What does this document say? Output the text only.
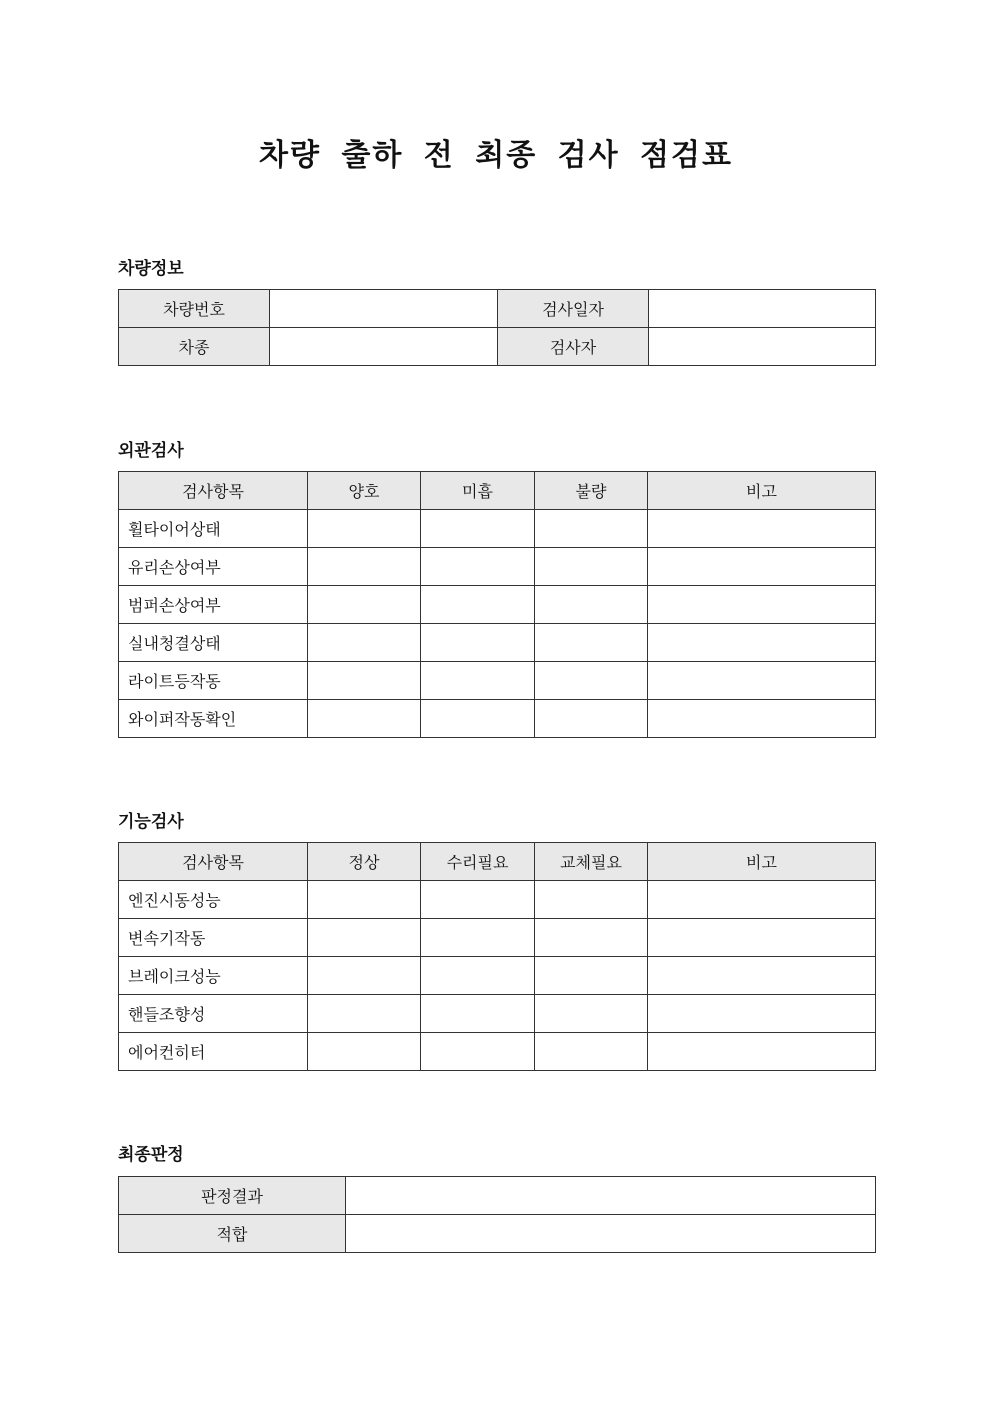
차량 출하 전 최종 검사 점검표
차량정보
차량번호		검사일자	
차종		검사자	
외관검사
검사항목	양호	미흡	불량	비고
휠타이어상태				
유리손상여부				
범퍼손상여부				
실내청결상태				
라이트등작동				
와이퍼작동확인				
기능검사
검사항목	정상	수리필요	교체필요	비고
엔진시동성능				
변속기작동				
브레이크성능				
핸들조향성				
에어컨히터				
최종판정
판정결과	
적합	
